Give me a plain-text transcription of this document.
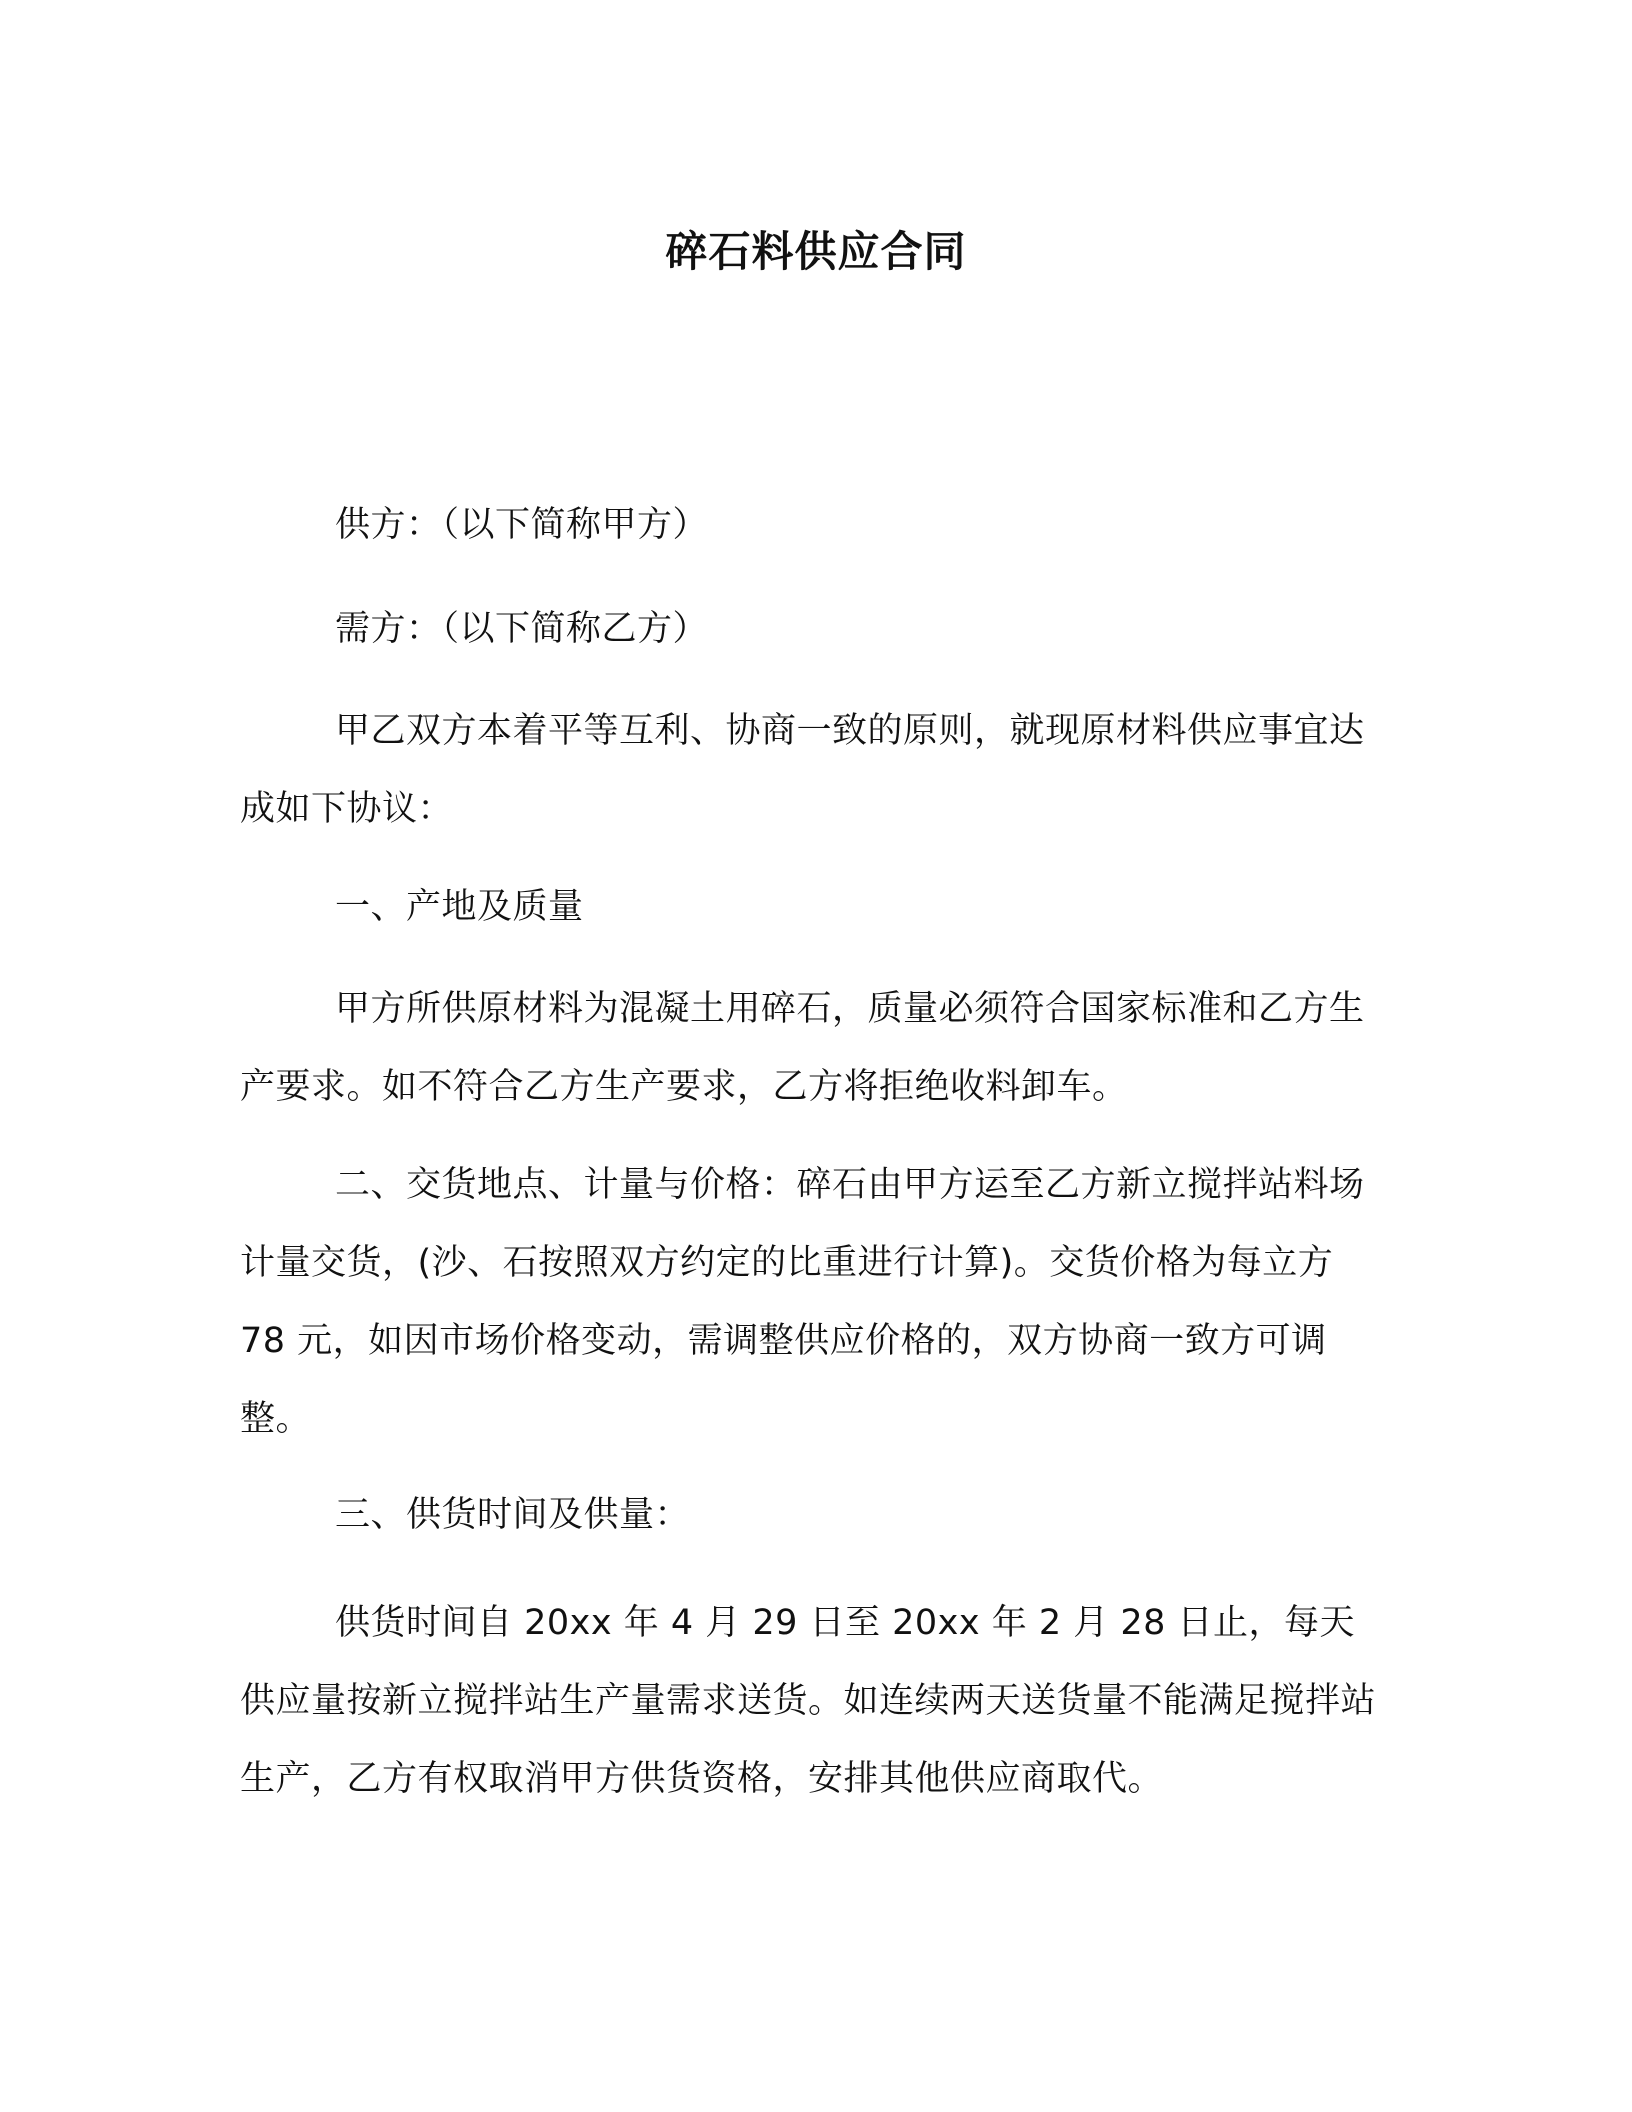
碎石料供应合同

供方：（以下简称甲方）

需方：（以下简称乙方）

甲乙双方本着平等互利、协商一致的原则，就现原材料供应事宜达成如下协议：

一、产地及质量

甲方所供原材料为混凝土用碎石，质量必须符合国家标准和乙方生产要求。如不符合乙方生产要求，乙方将拒绝收料卸车。

二、交货地点、计量与价格：碎石由甲方运至乙方新立搅拌站料场计量交货，(沙、石按照双方约定的比重进行计算)。交货价格为每立方 78 元，如因市场价格变动，需调整供应价格的，双方协商一致方可调整。

三、供货时间及供量：

供货时间自 20xx 年 4 月 29 日至 20xx 年 2 月 28 日止，每天供应量按新立搅拌站生产量需求送货。如连续两天送货量不能满足搅拌站生产，乙方有权取消甲方供货资格，安排其他供应商取代。
